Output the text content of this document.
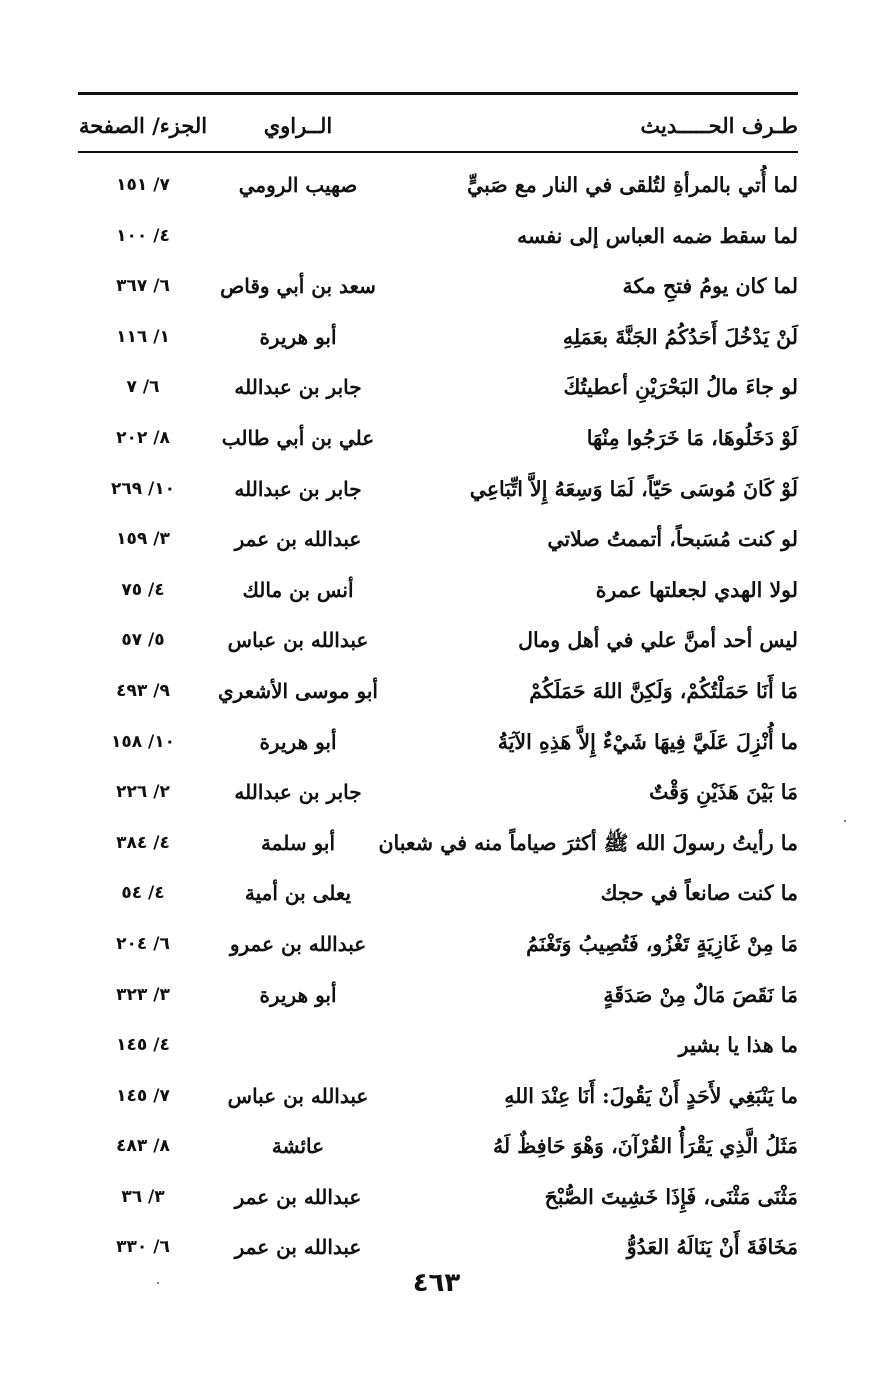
طـرف الحـــــديث
الــراوي
الجزء/ الصفحة
لما أُتي بالمرأةِ لتُلقى في النار مع صَبيٍّ
صهيب الرومي
٧/ ١٥١
لما سقط ضمه العباس إلى نفسه
٤/ ١٠٠
لما كان يومُ فتحِ مكة
سعد بن أبي وقاص
٦/ ٣٦٧
لَنْ يَدْخُلَ أَحَدُكُمُ الجَنَّةَ بعَمَلِهِ
أبو هريرة
١/ ١١٦
لو جاءَ مالُ البَحْرَيْنِ أعطيتُكَ
جابر بن عبدالله
٦/ ٧
لَوْ دَخَلُوهَا، مَا خَرَجُوا مِنْهَا
علي بن أبي طالب
٨/ ٢٠٢
لَوْ كَانَ مُوسَى حَيّاً، لَمَا وَسِعَهُ إِلاَّ اتِّبَاعِي
جابر بن عبدالله
١٠/ ٢٦٩
لو كنت مُسَبحاً، أتممتُ صلاتي
عبدالله بن عمر
٣/ ١٥٩
لولا الهدي لجعلتها عمرة
أنس بن مالك
٤/ ٧٥
ليس أحد أمنَّ علي في أهل ومال
عبدالله بن عباس
٥/ ٥٧
مَا أَنَا حَمَلْتُكُمْ، وَلَكِنَّ اللهَ حَمَلَكُمْ
أبو موسى الأشعري
٩/ ٤٩٣
ما أُنْزِلَ عَلَيَّ فِيهَا شَيْءٌ إِلاَّ هَذِهِ الآيَةُ
أبو هريرة
١٠/ ١٥٨
مَا بَيْنَ هَذَيْنِ وَقْتٌ
جابر بن عبدالله
٢/ ٢٢٦
ما رأيتُ رسولَ الله ﷺ أكثرَ صياماً منه في شعبان
أبو سلمة
٤/ ٣٨٤
ما كنت صانعاً في حجك
يعلى بن أمية
٤/ ٥٤
مَا مِنْ غَازِيَةٍ تَغْزُو، فَتُصِيبُ وَتَغْنَمُ
عبدالله بن عمرو
٦/ ٢٠٤
مَا نَقَصَ مَالٌ مِنْ صَدَقَةٍ
أبو هريرة
٣/ ٣٢٣
ما هذا يا بشير
٤/ ١٤٥
ما يَنْبَغِي لأَحَدٍ أَنْ يَقُولَ: أَنَا عِنْدَ اللهِ
عبدالله بن عباس
٧/ ١٤٥
مَثَلُ الَّذِي يَقْرَأُ القُرْآنَ، وَهْوَ حَافِظٌ لَهُ
عائشة
٨/ ٤٨٣
مَثْنَى مَثْنَى، فَإِذَا خَشِيتَ الصُّبْحَ
عبدالله بن عمر
٣/ ٣٦
مَخَافَةَ أَنْ يَنَالَهُ العَدُوُّ
عبدالله بن عمر
٦/ ٣٣٠
٤٦٣
